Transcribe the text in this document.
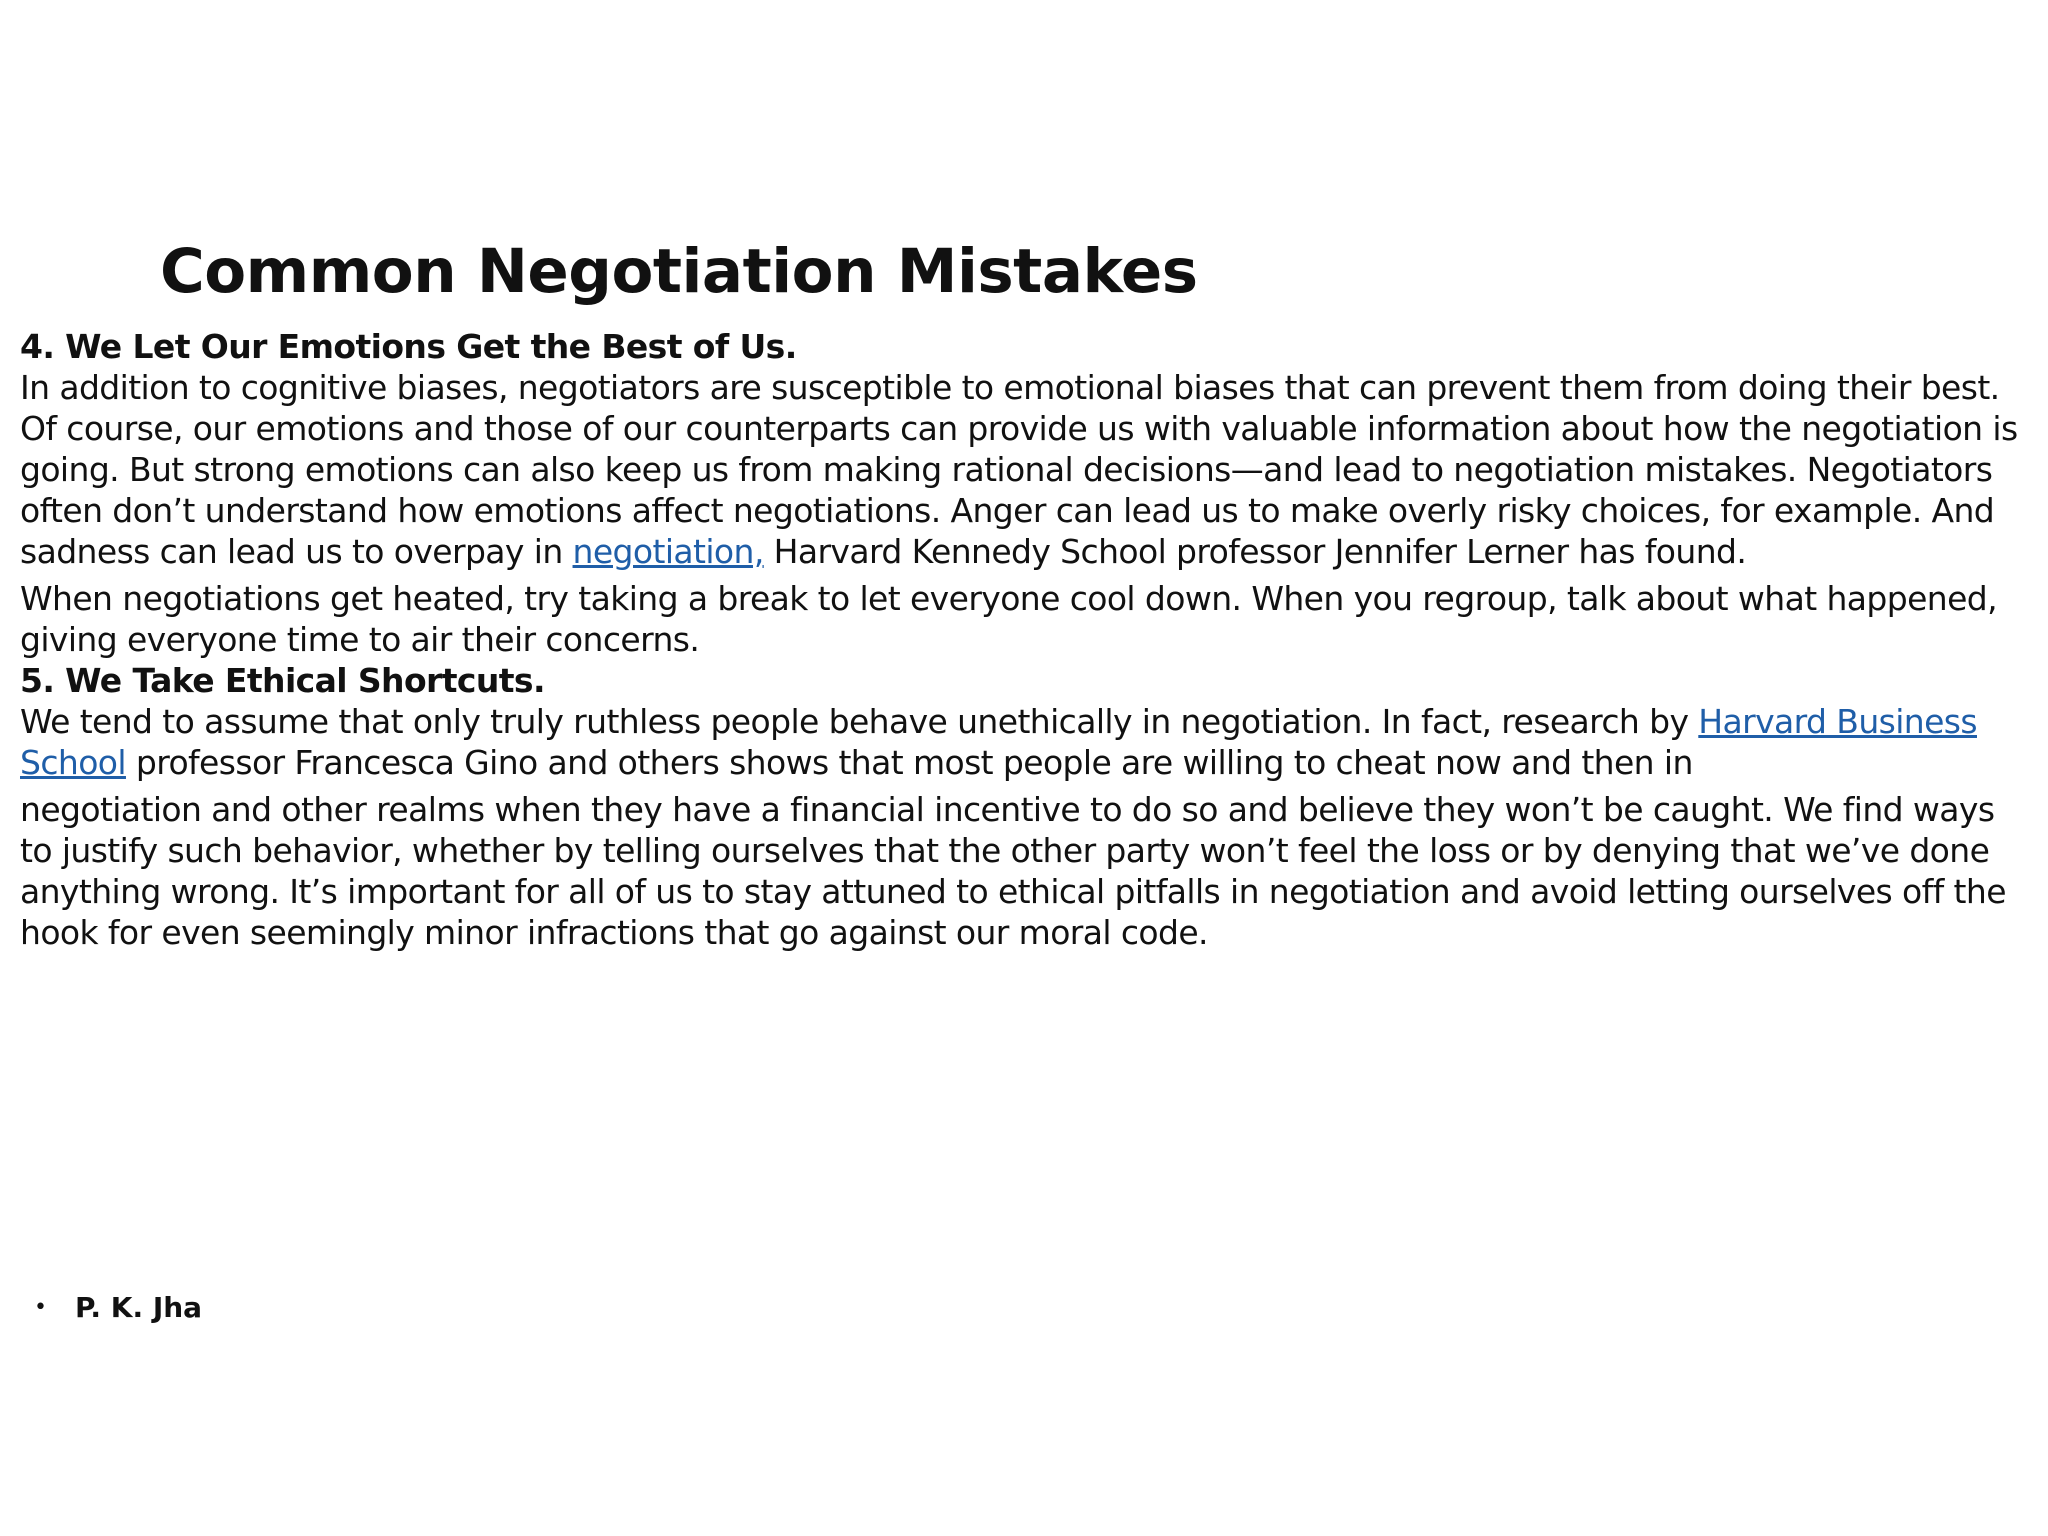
Common Negotiation Mistakes

4. We Let Our Emotions Get the Best of Us.

In addition to cognitive biases, negotiators are susceptible to emotional biases that can prevent them from doing their best. Of course, our emotions and those of our counterparts can provide us with valuable information about how the negotiation is going. But strong emotions can also keep us from making rational decisions—and lead to negotiation mistakes. Negotiators often don’t understand how emotions affect negotiations. Anger can lead us to make overly risky choices, for example. And sadness can lead us to overpay in negotiation, Harvard Kennedy School professor Jennifer Lerner has found.

When negotiations get heated, try taking a break to let everyone cool down. When you regroup, talk about what happened, giving everyone time to air their concerns.

5. We Take Ethical Shortcuts.

We tend to assume that only truly ruthless people behave unethically in negotiation. In fact, research by Harvard Business School professor Francesca Gino and others shows that most people are willing to cheat now and then in

negotiation and other realms when they have a financial incentive to do so and believe they won’t be caught. We find ways to justify such behavior, whether by telling ourselves that the other party won’t feel the loss or by denying that we’ve done anything wrong. It’s important for all of us to stay attuned to ethical pitfalls in negotiation and avoid letting ourselves off the hook for even seemingly minor infractions that go against our moral code.

• P. K. Jha
